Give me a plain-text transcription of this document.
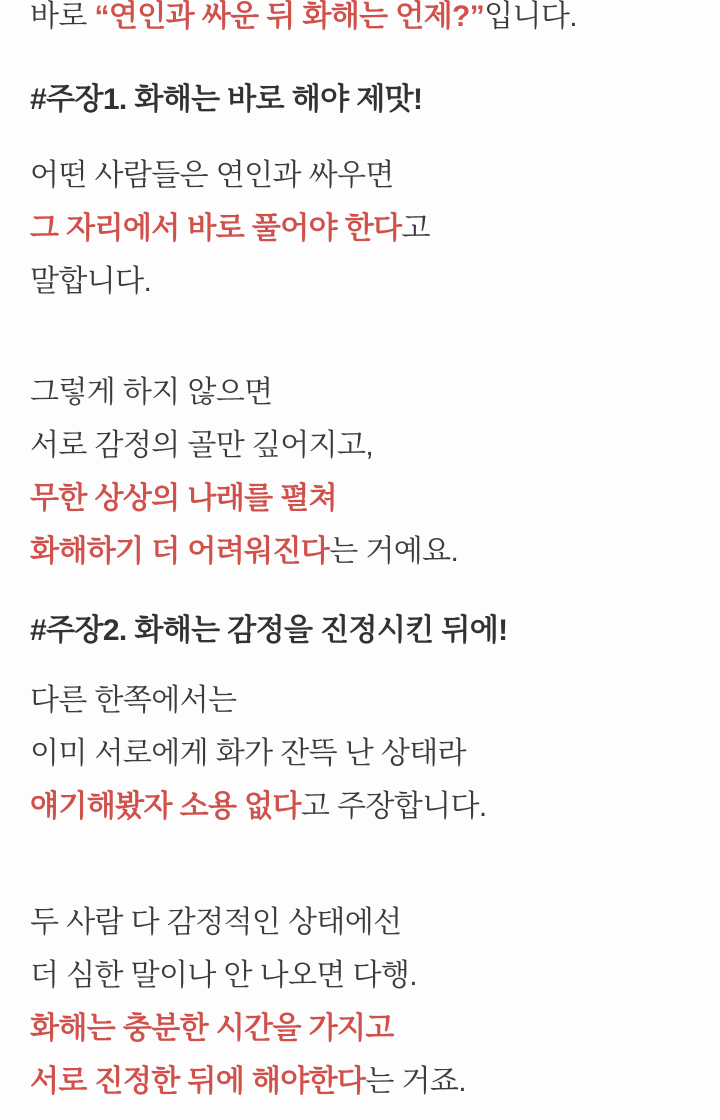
바로 “연인과 싸운 뒤 화해는 언제?”입니다.
#주장1. 화해는 바로 해야 제맛!
어떤 사람들은 연인과 싸우면
그 자리에서 바로 풀어야 한다고
말합니다.
그렇게 하지 않으면
서로 감정의 골만 깊어지고,
무한 상상의 나래를 펼쳐
화해하기 더 어려워진다는 거예요.
#주장2. 화해는 감정을 진정시킨 뒤에!
다른 한쪽에서는
이미 서로에게 화가 잔뜩 난 상태라
얘기해봤자 소용 없다고 주장합니다.
두 사람 다 감정적인 상태에선
더 심한 말이나 안 나오면 다행.
화해는 충분한 시간을 가지고
서로 진정한 뒤에 해야한다는 거죠.
